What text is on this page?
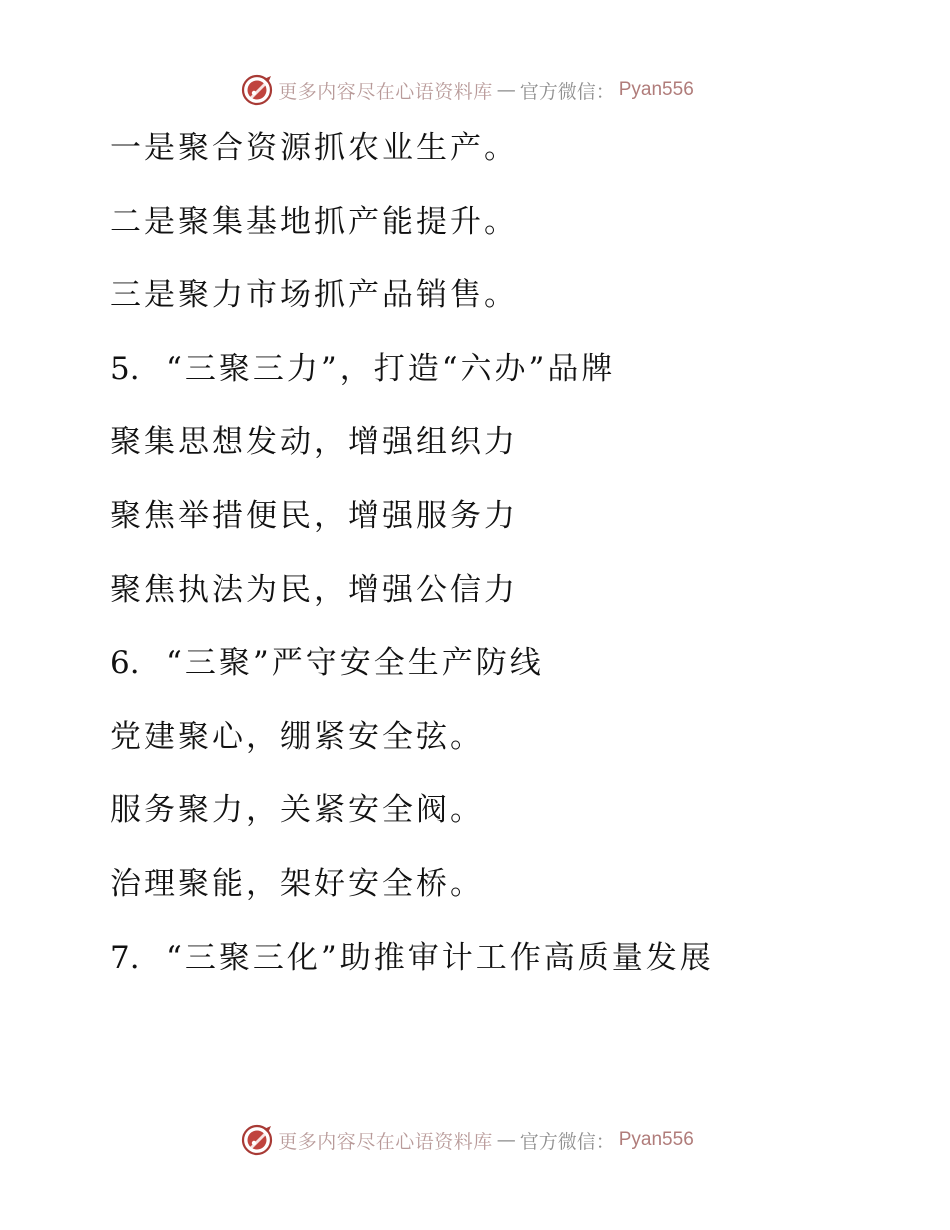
更多内容尽在心语资料库 — 官方微信： Pyan556
一是聚合资源抓农业生产。
二是聚集基地抓产能提升。
三是聚力市场抓产品销售。
5. “三聚三力”，打造“六办”品牌
聚集思想发动，增强组织力
聚焦举措便民，增强服务力
聚焦执法为民，增强公信力
6. “三聚”严守安全生产防线
党建聚心，绷紧安全弦。
服务聚力，关紧安全阀。
治理聚能，架好安全桥。
7. “三聚三化”助推审计工作高质量发展
更多内容尽在心语资料库 — 官方微信： Pyan556
